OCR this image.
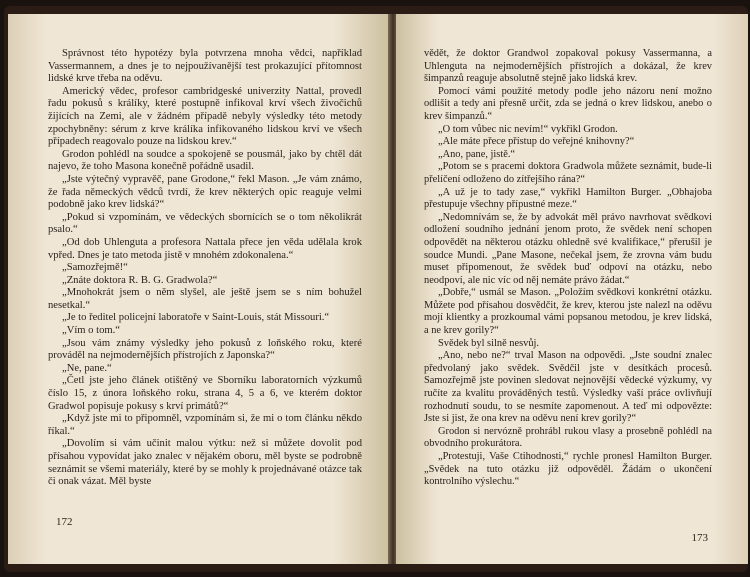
Správnost této hypotézy byla potvrzena mnoha vědci, například Vassermannem, a dnes je to nejpoužívanější test prokazující přítomnost lidské krve třeba na oděvu.

Americký vědec, profesor cambridgeské univerzity Nattal, provedl řadu pokusů s králíky, které postupně infikoval krví všech živočichů žijících na Zemi, ale v žádném případě nebyly výsledky této metody zpochybněny: sérum z krve králíka infikovaného lidskou krví ve všech případech reagovalo pouze na lidskou krev.“

Grodon pohlédl na soudce a spokojeně se pousmál, jako by chtěl dát najevo, že toho Masona konečně pořádně usadil.

„Jste výtečný vypravěč, pane Grodone,“ řekl Mason. „Je vám známo, že řada německých vědců tvrdí, že krev některých opic reaguje velmi podobně jako krev lidská?“

„Pokud si vzpomínám, ve vědeckých sbornících se o tom několikrát psalo.“

„Od dob Uhlenguta a profesora Nattala přece jen věda udělala krok vpřed. Dnes je tato metoda jistě v mnohém zdokonalena.“

„Samozřejmě!“

„Znáte doktora R. B. G. Gradwola?“

„Mnohokrát jsem o něm slyšel, ale ještě jsem se s ním bohužel nesetkal.“

„Je to ředitel policejní laboratoře v Saint-Louis, stát Missouri.“

„Vím o tom.“

„Jsou vám známy výsledky jeho pokusů z loňského roku, které prováděl na nejmodernějších přístrojích z Japonska?“

„Ne, pane.“

„Četl jste jeho článek otištěný ve Sborníku laboratorních výzkumů číslo 15, z února loňského roku, strana 4, 5 a 6, ve kterém doktor Gradwol popisuje pokusy s krví primátů?“

„Když jste mi to připomněl, vzpomínám si, že mi o tom článku někdo říkal.“

„Dovolím si vám učinit malou výtku: než si můžete dovolit pod přísahou vypovídat jako znalec v nějakém oboru, měl byste se podrobně seznámit se všemi materiály, které by se mohly k projednávané otázce tak či onak vázat. Měl byste

172

vědět, že doktor Grandwol zopakoval pokusy Vassermanna, a Uhlenguta na nejmodernějších přístrojích a dokázal, že krev šimpanzů reaguje absolutně stejně jako lidská krev.

Pomocí vámi použité metody podle jeho názoru není možno odlišit a tedy ani přesně určit, zda se jedná o krev lidskou, anebo o krev šimpanzů.“

„O tom vůbec nic nevím!“ vykřikl Grodon.

„Ale máte přece přístup do veřejné knihovny?“

„Ano, pane, jistě.“

„Potom se s pracemi doktora Gradwola můžete seznámit, bude-li přelíčení odloženo do zítřejšího rána?“

„A už je to tady zase,“ vykřikl Hamilton Burger. „Obhajoba přestupuje všechny přípustné meze.“

„Nedomnívám se, že by advokát měl právo navrhovat svědkovi odložení soudního jednání jenom proto, že svědek není schopen odpovědět na některou otázku ohledně své kvalifikace,“ přerušil je soudce Mundi. „Pane Masone, nečekal jsem, že zrovna vám budu muset připomenout, že svědek buď odpoví na otázku, nebo neodpoví, ale nic víc od něj nemáte právo žádat.“

„Dobře,“ usmál se Mason. „Položím svědkovi konkrétní otázku. Můžete pod přísahou dosvědčit, že krev, kterou jste nalezl na oděvu mojí klientky a prozkoumal vámi popsanou metodou, je krev lidská, a ne krev gorily?“

Svědek byl silně nesvůj.

„Ano, nebo ne?“ trval Mason na odpovědi. „Jste soudní znalec předvolaný jako svědek. Svědčil jste v desítkách procesů. Samozřejmě jste povinen sledovat nejnovější vědecké výzkumy, vy ručíte za kvalitu prováděných testů. Výsledky vaší práce ovlivňují rozhodnutí soudu, to se nesmíte zapomenout. A teď mi odpovězte: Jste si jist, že ona krev na oděvu není krev gorily?“

Grodon si nervózně prohrábl rukou vlasy a prosebně pohlédl na obvodního prokurátora.

„Protestuji, Vaše Ctihodnosti,“ rychle pronesl Hamilton Burger. „Svědek na tuto otázku již odpověděl. Žádám o ukončení kontrolního výslechu.“

173
